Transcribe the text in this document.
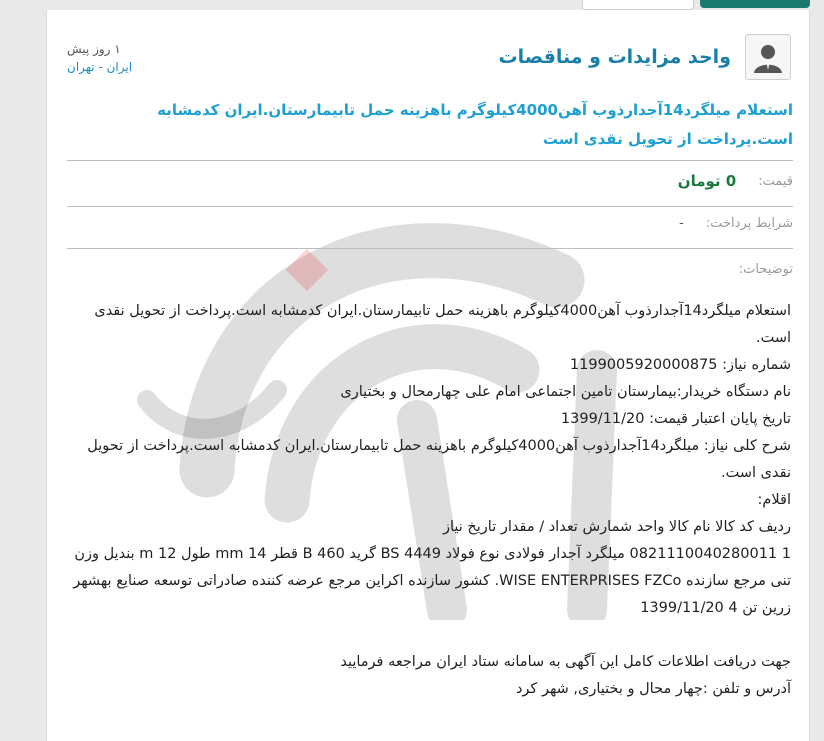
واحد مزایدات و مناقصات
۱ روز پیش
ایران - تهران
استعلام میلگرد14آجدارذوب آهن4000کیلوگرم باهزینه حمل تابیمارستان.ایران کدمشابه است.پرداخت از تحویل نقدی است
قیمت:
0 تومان
شرایط پرداخت:
-
توضیحات:

استعلام میلگرد14آجدارذوب آهن4000کیلوگرم باهزینه حمل تابیمارستان.ایران کدمشابه است.پرداخت از تحویل نقدی است.

شماره نیاز: 1199005920000875

نام دستگاه خریدار:بیمارستان تامین اجتماعی امام علی چهارمحال و بختیاری

تاریخ پایان اعتبار قیمت: 1399/11/20

شرح کلی نیاز: میلگرد14آجدارذوب آهن4000کیلوگرم باهزینه حمل تابیمارستان.ایران کدمشابه است.پرداخت از تحویل نقدی است.

اقلام:

ردیف کد کالا نام کالا واحد شمارش تعداد / مقدار تاریخ نیاز

1 0821110040280011 میلگرد آجدار فولادی نوع فولاد BS 4449 گرید B 460 قطر mm 14 طول m 12 بندیل وزن تنی مرجع سازنده WISE ENTERPRISES FZCo. کشور سازنده اکراین مرجع عرضه کننده صادراتی توسعه صنایع بهشهر زرین تن 4 1399/11/20

جهت دریافت اطلاعات کامل این آگهی به سامانه ستاد ایران مراجعه فرمایید

آدرس و تلفن :چهار محال و بختیاری, شهر کرد
